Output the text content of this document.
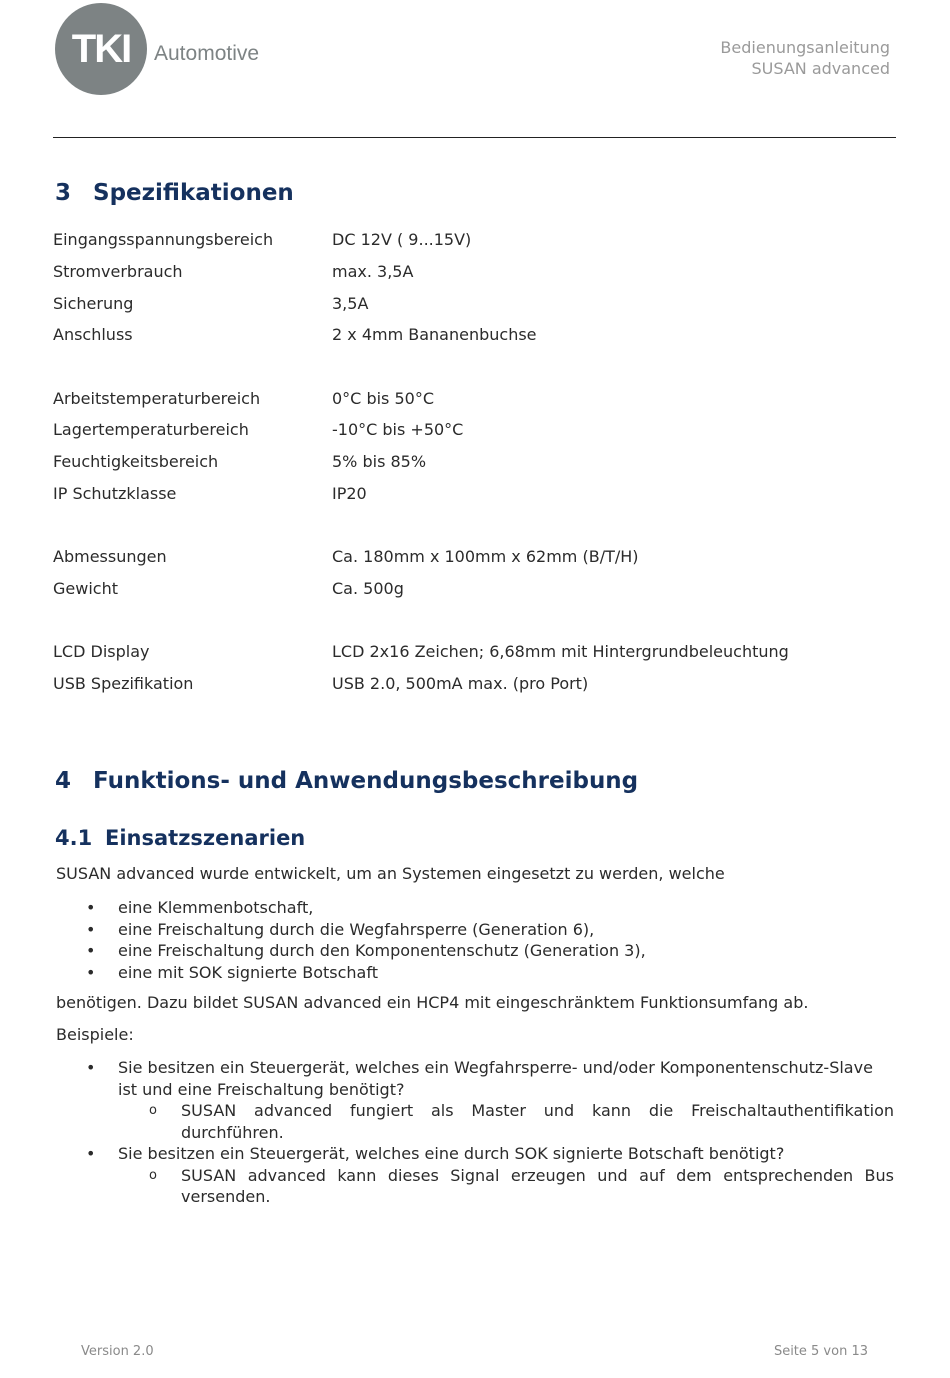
TKI Automotive	Bedienungsanleitung
SUSAN advanced
3 Spezifikationen
Eingangsspannungsbereich	DC 12V ( 9...15V)
Stromverbrauch	max. 3,5A
Sicherung	3,5A
Anschluss	2 x 4mm Bananenbuchse
Arbeitstemperaturbereich	0°C bis 50°C
Lagertemperaturbereich	-10°C bis +50°C
Feuchtigkeitsbereich	5% bis 85%
IP Schutzklasse	IP20
Abmessungen	Ca. 180mm x 100mm x 62mm (B/T/H)
Gewicht	Ca. 500g
LCD Display	LCD 2x16 Zeichen; 6,68mm mit Hintergrundbeleuchtung
USB Spezifikation	USB 2.0, 500mA max. (pro Port)
4 Funktions- und Anwendungsbeschreibung
4.1 Einsatzszenarien

SUSAN advanced wurde entwickelt, um an Systemen eingesetzt zu werden, welche

• eine Klemmenbotschaft,
• eine Freischaltung durch die Wegfahrsperre (Generation 6),
• eine Freischaltung durch den Komponentenschutz (Generation 3),
• eine mit SOK signierte Botschaft

benötigen. Dazu bildet SUSAN advanced ein HCP4 mit eingeschränktem Funktionsumfang ab.

Beispiele:

• Sie besitzen ein Steuergerät, welches ein Wegfahrsperre- und/oder Komponentenschutz-Slave ist und eine Freischaltung benötigt?
o SUSAN advanced fungiert als Master und kann die Freischaltauthentifikation durchführen.
• Sie besitzen ein Steuergerät, welches eine durch SOK signierte Botschaft benötigt?
o SUSAN advanced kann dieses Signal erzeugen und auf dem entsprechenden Bus versenden.
Version 2.0	Seite 5 von 13
